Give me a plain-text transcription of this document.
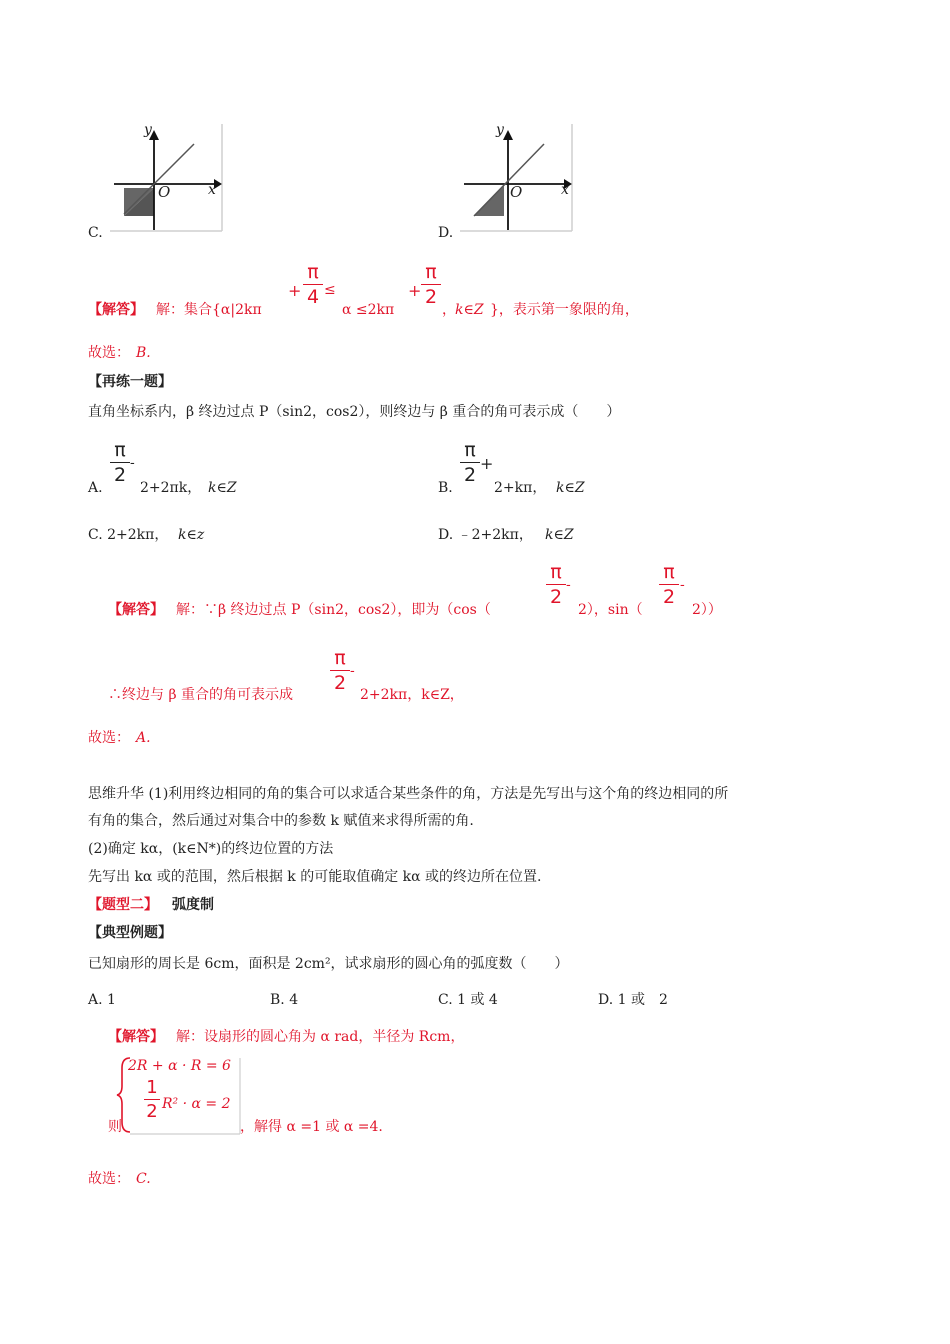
y
x
O
C.
y
x
O
D.
【解答】 解：集合{α|2kπ
+
π
4 ≤
α ≤2kπ
+
π
2
， k∈Z }，表示第一象限的角，
故选： B.
【再练一题】
直角坐标系内，β 终边过点 P（sin2，cos2），则终边与 β 重合的角可表示成（　　）
π
2
A.
-
2+2πk， k∈Z
π
2
B.
+
2+kπ， k∈Z
C. 2+2kπ， k∈z	D. ﹣2+2kπ， k∈Z
【解答】 解：∵β 终边过点 P（sin2，cos2），即为（cos（
π
2
-
2），sin（
π
2
-
2））
π
2
∴终边与 β 重合的角可表示成
-
2+2kπ，k∈Z，
故选： A.
思维升华 (1)利用终边相同的角的集合可以求适合某些条件的角，方法是先写出与这个角的终边相同的所
有角的集合，然后通过对集合中的参数 k 赋值来求得所需的角.
(2)确定 kα，(k∈N*)的终边位置的方法
先写出 kα 或的范围，然后根据 k 的可能取值确定 kα 或的终边所在位置.
【题型二】 弧度制
【典型例题】
已知扇形的周长是 6cm，面积是 2cm²，试求扇形的圆心角的弧度数（　　）
A. 1	B. 4	C. 1 或 4	D. 1 或　2
【解答】 解：设扇形的圆心角为 α rad，半径为 Rcm，
2R + α · R = 6
1
2 R² · α = 2
则	，解得 α =1 或 α =4.
故选： C.
